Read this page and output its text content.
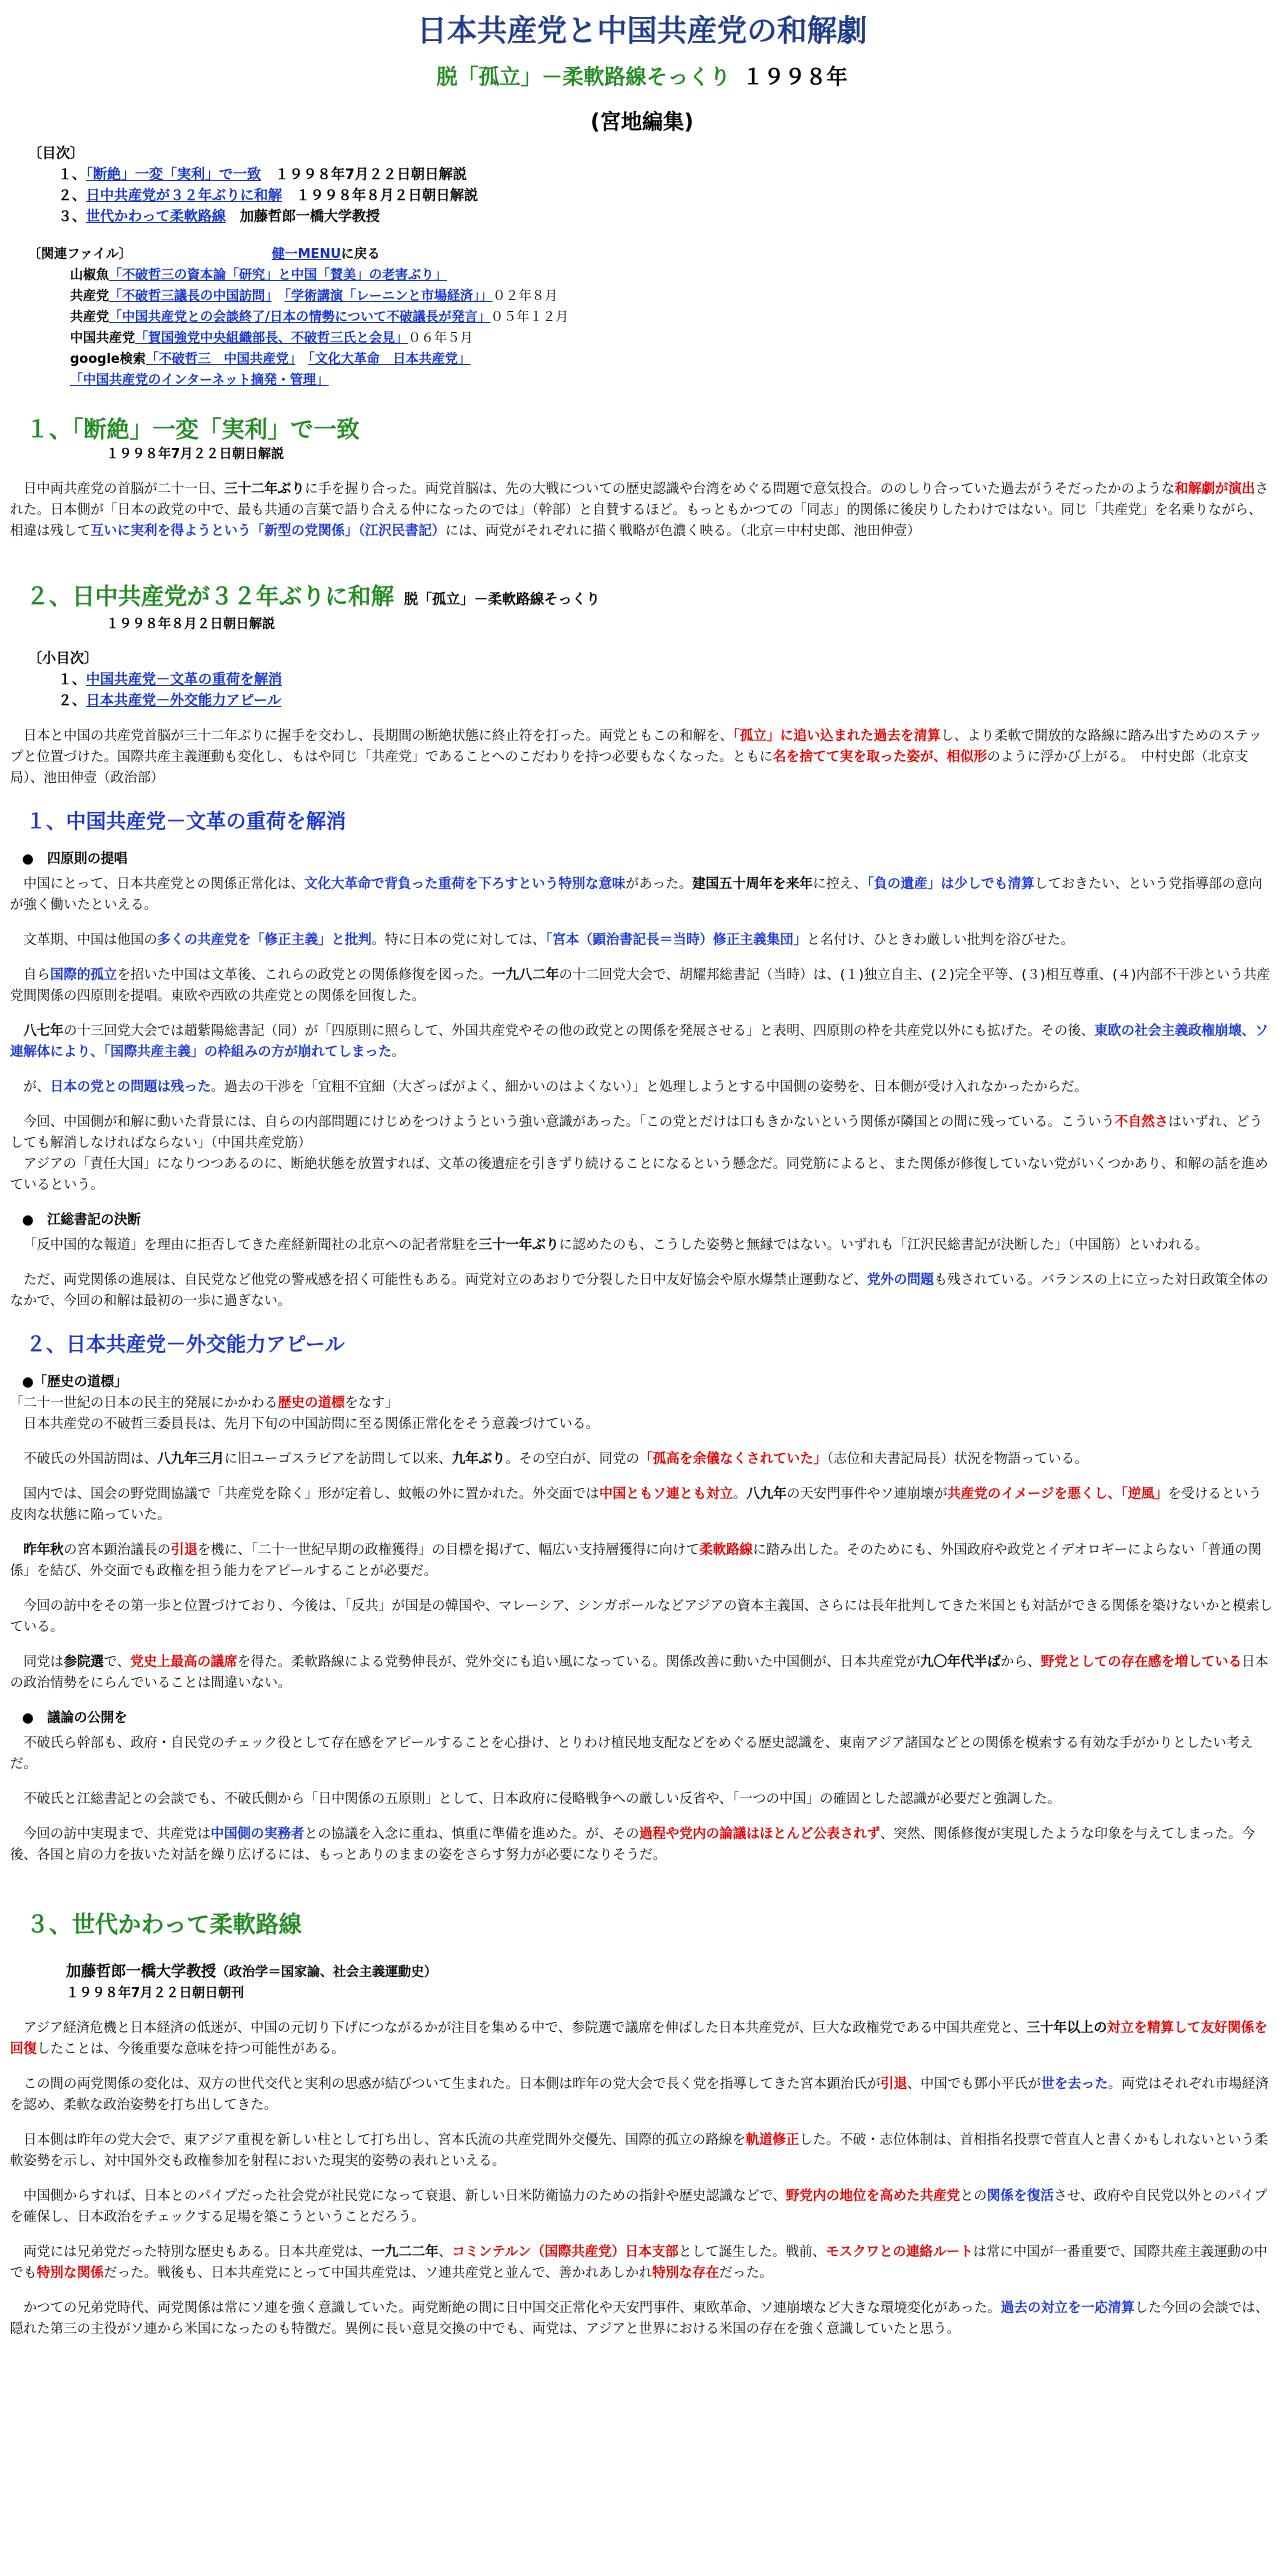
日本共産党と中国共産党の和解劇
脱「孤立」－柔軟路線そっくり １９９８年
(宮地編集)
〔目次〕
１、「断絶」一変「実利」で一致　 １９９８年7月２２日朝日解説
２、日中共産党が３２年ぶりに和解　 １９９８年８月２日朝日解説
３、世代かわって柔軟路線　 加藤哲郎一橋大学教授
〔関連ファイル〕	健一MENUに戻る
山椒魚「不破哲三の資本論「研究」と中国「賛美」の老害ぶり」
共産党「不破哲三議長の中国訪問」　 「学術講演「レーニンと市場経済」」０２年８月
共産党「中国共産党との会談終了/日本の情勢について不破議長が発言」０５年１２月
中国共産党「賀国強党中央組織部長、不破哲三氏と会見」０６年５月
google検索「不破哲三　中国共産党」　 「文化大革命　日本共産党」
「中国共産党のインターネット摘発・管理」
１、「断絶」一変「実利」で一致
１９９８年7月２２日朝日解説

日中両共産党の首脳が二十一日、三十二年ぶりに手を握り合った。両党首脳は、先の大戦についての歴史認識や台湾をめぐる問題で意気投合。ののしり合っていた過去がうそだったかのような和解劇が演出された。日本側が「日本の政党の中で、最も共通の言葉で語り合える仲になったのでは」（幹部）と自賛するほど。もっともかつての「同志」的関係に後戻りしたわけではない。同じ「共産党」を名乗りながら、相違は残して互いに実利を得ようという「新型の党関係」（江沢民書記）には、両党がそれぞれに描く戦略が色濃く映る。（北京＝中村史郎、池田伸壹）

２、日中共産党が３２年ぶりに和解 脱「孤立」－柔軟路線そっくり
１９９８年８月２日朝日解説
〔小目次〕
１、中国共産党－文革の重荷を解消
２、日本共産党－外交能力アピール

日本と中国の共産党首脳が三十二年ぶりに握手を交わし、長期間の断絶状態に終止符を打った。両党ともこの和解を、「孤立」に追い込まれた過去を清算し、より柔軟で開放的な路線に踏み出すためのステップと位置づけた。国際共産主義運動も変化し、もはや同じ「共産党」であることへのこだわりを持つ必要もなくなった。ともに名を捨てて実を取った姿が、相似形のように浮かび上がる。　中村史郎（北京支局）、池田伸壹（政治部）

１、中国共産党－文革の重荷を解消
●　四原則の提唱

中国にとって、日本共産党との関係正常化は、文化大革命で背負った重荷を下ろすという特別な意味があった。建国五十周年を来年に控え、「負の遺産」は少しでも清算しておきたい、という党指導部の意向が強く働いたといえる。

文革期、中国は他国の多くの共産党を「修正主義」と批判。特に日本の党に対しては、「宮本（顕治書記長＝当時）修正主義集団」と名付け、ひときわ厳しい批判を浴びせた。

自ら国際的孤立を招いた中国は文革後、これらの政党との関係修復を図った。一九八二年の十二回党大会で、胡耀邦総書記（当時）は、(１)独立自主、(２)完全平等、(３)相互尊重、(４)内部不干渉という共産党間関係の四原則を提唱。東欧や西欧の共産党との関係を回復した。

八七年の十三回党大会では趙紫陽総書記（同）が「四原則に照らして、外国共産党やその他の政党との関係を発展させる」と表明、四原則の枠を共産党以外にも拡げた。その後、東欧の社会主義政権崩壊、ソ連解体により、「国際共産主義」の枠組みの方が崩れてしまった。

が、日本の党との問題は残った。過去の干渉を「宜粗不宜細（大ざっぱがよく、細かいのはよくない）」と処理しようとする中国側の姿勢を、日本側が受け入れなかったからだ。

今回、中国側が和解に動いた背景には、自らの内部問題にけじめをつけようという強い意識があった。「この党とだけは口もきかないという関係が隣国との間に残っている。こういう不自然さはいずれ、どうしても解消しなければならない」（中国共産党筋）

アジアの「責任大国」になりつつあるのに、断絶状態を放置すれば、文革の後遺症を引きずり続けることになるという懸念だ。同党筋によると、また関係が修復していない党がいくつかあり、和解の話を進めているという。

●　江総書記の決断

「反中国的な報道」を理由に拒否してきた産経新聞社の北京への記者常駐を三十一年ぶりに認めたのも、こうした姿勢と無縁ではない。いずれも「江沢民総書記が決断した」（中国筋）といわれる。

ただ、両党関係の進展は、自民党など他党の警戒感を招く可能性もある。両党対立のあおりで分裂した日中友好協会や原水爆禁止運動など、党外の問題も残されている。バランスの上に立った対日政策全体のなかで、今回の和解は最初の一歩に過ぎない。

２、日本共産党－外交能力アピール
●「歴史の道標」

「二十一世紀の日本の民主的発展にかかわる歴史の道標をなす」

日本共産党の不破哲三委員長は、先月下旬の中国訪問に至る関係正常化をそう意義づけている。

不破氏の外国訪問は、八九年三月に旧ユーゴスラビアを訪問して以来、九年ぶり。その空白が、同党の「孤高を余儀なくされていた」（志位和夫書記局長）状況を物語っている。

国内では、国会の野党間協議で「共産党を除く」形が定着し、蚊帳の外に置かれた。外交面では中国ともソ連とも対立。八九年の天安門事件やソ連崩壊が共産党のイメージを悪くし、「逆風」を受けるという皮肉な状態に陥っていた。

昨年秋の宮本顕治議長の引退を機に、「二十一世紀早期の政権獲得」の目標を掲げて、幅広い支持層獲得に向けて柔軟路線に踏み出した。そのためにも、外国政府や政党とイデオロギーによらない「普通の関係」を結び、外交面でも政権を担う能力をアピールすることが必要だ。

今回の訪中をその第一歩と位置づけており、今後は、「反共」が国是の韓国や、マレーシア、シンガポールなどアジアの資本主義国、さらには長年批判してきた米国とも対話ができる関係を築けないかと模索している。

同党は参院選で、党史上最高の議席を得た。柔軟路線による党勢伸長が、党外交にも追い風になっている。関係改善に動いた中国側が、日本共産党が九〇年代半ばから、野党としての存在感を増している日本の政治情勢をにらんでいることは間違いない。

●　議論の公開を

不破氏ら幹部も、政府・自民党のチェック役として存在感をアピールすることを心掛け、とりわけ植民地支配などをめぐる歴史認識を、東南アジア諸国などとの関係を模索する有効な手がかりとしたい考えだ。

不破氏と江総書記との会談でも、不破氏側から「日中関係の五原則」として、日本政府に侵略戦争への厳しい反省や、「一つの中国」の確固とした認識が必要だと強調した。

今回の訪中実現まで、共産党は中国側の実務者との協議を入念に重ね、慎重に準備を進めた。が、その過程や党内の論議はほとんど公表されず、突然、関係修復が実現したような印象を与えてしまった。今後、各国と肩の力を抜いた対話を繰り広げるには、もっとありのままの姿をさらす努力が必要になりそうだ。

３、世代かわって柔軟路線
加藤哲郎一橋大学教授（政治学＝国家論、社会主義運動史）
１９９８年7月２２日朝日朝刊

アジア経済危機と日本経済の低迷が、中国の元切り下げにつながるかが注目を集める中で、参院選で議席を伸ばした日本共産党が、巨大な政権党である中国共産党と、三十年以上の対立を精算して友好関係を回復したことは、今後重要な意味を持つ可能性がある。

この間の両党関係の変化は、双方の世代交代と実利の思惑が結びついて生まれた。日本側は昨年の党大会で長く党を指導してきた宮本顕治氏が引退、中国でも鄧小平氏が世を去った。両党はそれぞれ市場経済を認め、柔軟な政治姿勢を打ち出してきた。

日本側は昨年の党大会で、東アジア重視を新しい柱として打ち出し、宮本氏流の共産党間外交優先、国際的孤立の路線を軌道修正した。不破・志位体制は、首相指名投票で菅直人と書くかもしれないという柔軟姿勢を示し、対中国外交も政権参加を射程においた現実的姿勢の表れといえる。

中国側からすれば、日本とのパイプだった社会党が社民党になって衰退、新しい日米防衛協力のための指針や歴史認識などで、野党内の地位を高めた共産党との関係を復活させ、政府や自民党以外とのパイプを確保し、日本政治をチェックする足場を築こうということだろう。

両党には兄弟党だった特別な歴史もある。日本共産党は、一九二二年、コミンテルン（国際共産党）日本支部として誕生した。戦前、モスクワとの連絡ルートは常に中国が一番重要で、国際共産主義運動の中でも特別な関係だった。戦後も、日本共産党にとって中国共産党は、ソ連共産党と並んで、善かれあしかれ特別な存在だった。

かつての兄弟党時代、両党関係は常にソ連を強く意識していた。両党断絶の間に日中国交正常化や天安門事件、東欧革命、ソ連崩壊など大きな環境変化があった。過去の対立を一応清算した今回の会談では、隠れた第三の主役がソ連から米国になったのも特徴だ。異例に長い意見交換の中でも、両党は、アジアと世界における米国の存在を強く意識していたと思う。
